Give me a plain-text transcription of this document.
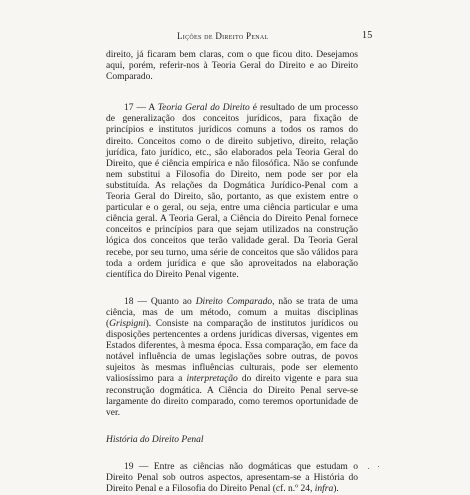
Lições de Direito Penal	15

direito, já ficaram bem claras, com o que ficou dito. Desejamos aqui, porém, referir-nos à Teoria Geral do Direito e ao Direito Comparado.

17 — A Teoria Geral do Direito é resultado de um processo de generalização dos conceitos jurídicos, para fixação de princípios e institutos jurídicos comuns a todos os ramos do direito. Conceitos como o de direito subjetivo, direito, relação jurídica, fato jurídico, etc., são elaborados pela Teoria Geral do Direito, que é ciência empírica e não filosófica. Não se confunde nem substitui a Filosofia do Direito, nem pode ser por ela substituída. As relações da Dogmática Jurídico-Penal com a Teoria Geral do Direito, são, portanto, as que existem entre o particular e o geral, ou seja, entre uma ciência particular e uma ciência geral. A Teoria Geral, a Ciência do Direito Penal fornece conceitos e princípios para que sejam utilizados na construção lógica dos conceitos que terão validade geral. Da Teoria Geral recebe, por seu turno, uma série de conceitos que são válidos para toda a ordem jurídica e que são aproveitados na elaboração científica do Direito Penal vigente.

18 — Quanto ao Direito Comparado, não se trata de uma ciência, mas de um método, comum a muitas disciplinas (Grispigni). Consiste na comparação de institutos jurídicos ou disposições pertencentes a ordens jurídicas diversas, vigentes em Estados diferentes, à mesma época. Essa comparação, em face da notável influência de umas legislações sobre outras, de povos sujeitos às mesmas influências culturais, pode ser elemento valiosíssimo para a interpretação do direito vigente e para sua reconstrução dogmática. A Ciência do Direito Penal serve-se largamente do direito comparado, como teremos oportunidade de ver.

História do Direito Penal

19 — Entre as ciências não dogmáticas que estudam o Direito Penal sob outros aspectos, apresentam-se a História do Direito Penal e a Filosofia do Direito Penal (cf. n.º 24, infra).
